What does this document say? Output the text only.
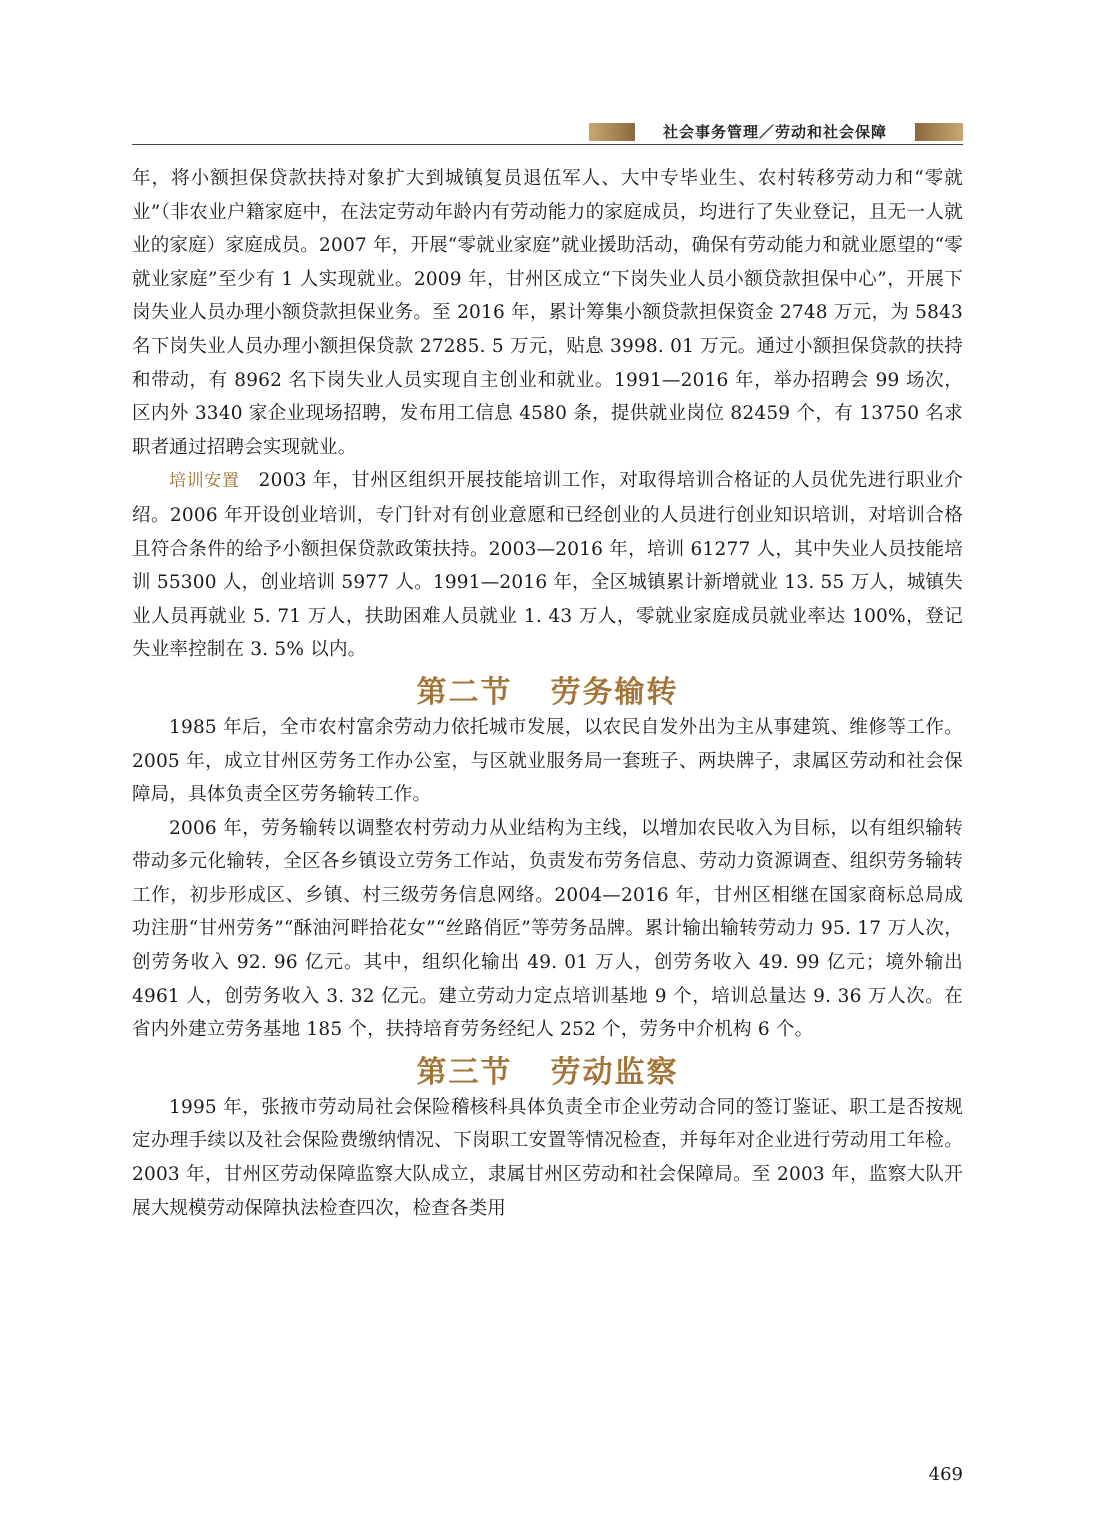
社会事务管理／劳动和社会保障

年，将小额担保贷款扶持对象扩大到城镇复员退伍军人、大中专毕业生、农村转移劳动力和“零就业”（非农业户籍家庭中，在法定劳动年龄内有劳动能力的家庭成员，均进行了失业登记，且无一人就业的家庭）家庭成员。2007 年，开展“零就业家庭”就业援助活动，确保有劳动能力和就业愿望的“零就业家庭”至少有 1 人实现就业。2009 年，甘州区成立“下岗失业人员小额贷款担保中心”，开展下岗失业人员办理小额贷款担保业务。至 2016 年，累计筹集小额贷款担保资金 2748 万元，为 5843 名下岗失业人员办理小额担保贷款 27285. 5 万元，贴息 3998. 01 万元。通过小额担保贷款的扶持和带动，有 8962 名下岗失业人员实现自主创业和就业。1991—2016 年，举办招聘会 99 场次，区内外 3340 家企业现场招聘，发布用工信息 4580 条，提供就业岗位 82459 个，有 13750 名求职者通过招聘会实现就业。

培训安置　 2003 年，甘州区组织开展技能培训工作，对取得培训合格证的人员优先进行职业介绍。2006 年开设创业培训，专门针对有创业意愿和已经创业的人员进行创业知识培训，对培训合格且符合条件的给予小额担保贷款政策扶持。2003—2016 年，培训 61277 人，其中失业人员技能培训 55300 人，创业培训 5977 人。1991—2016 年，全区城镇累计新增就业 13. 55 万人，城镇失业人员再就业 5. 71 万人，扶助困难人员就业 1. 43 万人，零就业家庭成员就业率达 100%，登记失业率控制在 3. 5% 以内。

第二节 劳务输转

1985 年后，全市农村富余劳动力依托城市发展，以农民自发外出为主从事建筑、维修等工作。2005 年，成立甘州区劳务工作办公室，与区就业服务局一套班子、两块牌子，隶属区劳动和社会保障局，具体负责全区劳务输转工作。

2006 年，劳务输转以调整农村劳动力从业结构为主线，以增加农民收入为目标，以有组织输转带动多元化输转，全区各乡镇设立劳务工作站，负责发布劳务信息、劳动力资源调查、组织劳务输转工作，初步形成区、乡镇、村三级劳务信息网络。2004—2016 年，甘州区相继在国家商标总局成功注册“甘州劳务”“酥油河畔拾花女”“丝路俏匠”等劳务品牌。累计输出输转劳动力 95. 17 万人次，创劳务收入 92. 96 亿元。其中，组织化输出 49. 01 万人，创劳务收入 49. 99 亿元；境外输出 4961 人，创劳务收入 3. 32 亿元。建立劳动力定点培训基地 9 个，培训总量达 9. 36 万人次。在省内外建立劳务基地 185 个，扶持培育劳务经纪人 252 个，劳务中介机构 6 个。

第三节 劳动监察

1995 年，张掖市劳动局社会保险稽核科具体负责全市企业劳动合同的签订鉴证、职工是否按规定办理手续以及社会保险费缴纳情况、下岗职工安置等情况检查，并每年对企业进行劳动用工年检。2003 年，甘州区劳动保障监察大队成立，隶属甘州区劳动和社会保障局。至 2003 年，监察大队开展大规模劳动保障执法检查四次，检查各类用

469
